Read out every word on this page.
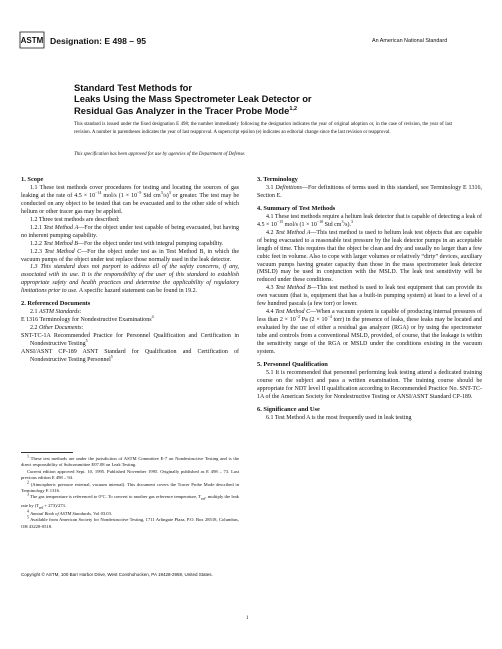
ASTM Designation: E 498 – 95	An American National Standard
Standard Test Methods for
Leaks Using the Mass Spectrometer Leak Detector or
Residual Gas Analyzer in the Tracer Probe Mode$^{1,2}$
This standard is issued under the fixed designation E 498; the number immediately following the designation indicates the year of original adoption or, in the case of revision, the year of last revision. A number in parentheses indicates the year of last reapproval. A superscript epsilon (e) indicates an editorial change since the last revision or reapproval.
This specification has been approved for use by agencies of the Department of Defense.
1. Scope

1.1 These test methods cover procedures for testing and locating the sources of gas leaking at the rate of $4.5 \times 10^{-14}$ mol/s ($1 \times 10^{-9}$ Std $cm^3/s)^3$ or greater. The test may be conducted on any object to be tested that can be evacuated and to the other side of which helium or other tracer gas may be applied.

1.2 Three test methods are described:

1.2.1 Test Method A—For the object under test capable of being evacuated, but having no inherent pumping capability.

1.2.2 Test Method B—For the object under test with integral pumping capability.

1.2.3 Test Method C—For the object under test as in Test Method B, in which the vacuum pumps of the object under test replace those normally used in the leak detector.

1.3 This standard does not purport to address all of the safety concerns, if any, associated with its use. It is the responsibility of the user of this standard to establish appropriate safety and health practices and determine the applicability of regulatory limitations prior to use. A specific hazard statement can be found in 19.2.

2. Referenced Documents

2.1 ASTM Standards:

E 1316 Terminology for Nondestructive Examinations$^4$

2.2 Other Documents:

SNT-TC-1A Recommended Practice for Personnel Qualification and Certification in Nondestructive Testing$^5$

ANSI/ASNT CP-189 ASNT Standard for Qualification and Certification of Nondestructive Testing Personnel$^5$

$^1$ These test methods are under the jurisdiction of ASTM Committee E-7 on Nondestructive Testing and is the direct responsibility of Subcommittee E07.08 on Leak Testing.

Current edition approved Sept. 10, 1995. Published November 1995. Originally published as E 498 – 73. Last previous edition E 498 – 94.

$^2$ (Atmospheric pressure external, vacuum internal). This document covers the Tracer Probe Mode described in Terminology E 1316.

$^3$ The gas temperature is referenced to 0°C. To convert to another gas reference temperature, $T_{ref}$, multiply the leak rate by $(T_{ref} + 273)/273$.

$^4$ Annual Book of ASTM Standards, Vol 03.03.

$^5$ Available from American Society for Nondestructive Testing, 1711 Arlingate Plaza, P.O. Box 28518, Columbus, OH 43228-0518.

3. Terminology

3.1 Definitions—For definitions of terms used in this standard, see Terminology E 1316, Section E.

4. Summary of Test Methods

4.1 These test methods require a helium leak detector that is capable of detecting a leak of $4.5 \times 10^{-15}$ mol/s ($1 \times 10^{-10}$ Std $cm^3/s).^3$

4.2 Test Method A—This test method is used to helium leak test objects that are capable of being evacuated to a reasonable test pressure by the leak detector pumps in an acceptable length of time. This requires that the object be clean and dry and usually no larger than a few cubic feet in volume. Also to cope with larger volumes or relatively “dirty” devices, auxiliary vacuum pumps having greater capacity than those in the mass spectrometer leak detector (MSLD) may be used in conjunction with the MSLD. The leak test sensitivity will be reduced under these conditions.

4.3 Test Method B—This test method is used to leak test equipment that can provide its own vacuum (that is, equipment that has a built-in pumping system) at least to a level of a few hundred pascals (a few torr) or lower.

4.4 Test Method C—When a vacuum system is capable of producing internal pressures of less than $2 \times 10^{-2}$ Pa ($2 \times 10^{-4}$ torr) in the presence of leaks, these leaks may be located and evaluated by the use of either a residual gas analyzer (RGA) or by using the spectrometer tube and controls from a conventional MSLD, provided, of course, that the leakage is within the sensitivity range of the RGA or MSLD under the conditions existing in the vacuum system.

5. Personnel Qualification

5.1 It is recommended that personnel performing leak testing attend a dedicated training course on the subject and pass a written examination. The training course should be appropriate for NDT level II qualification according to Recommended Practice No. SNT-TC-1A of the American Society for Nondestructive Testing or ANSI/ASNT Standard CP-189.

6. Significance and Use

6.1 Test Method A is the most frequently used in leak testing

Copyright © ASTM, 100 Barr Harbor Drive, West Conshohocken, PA 19428-2959, United States.
1
